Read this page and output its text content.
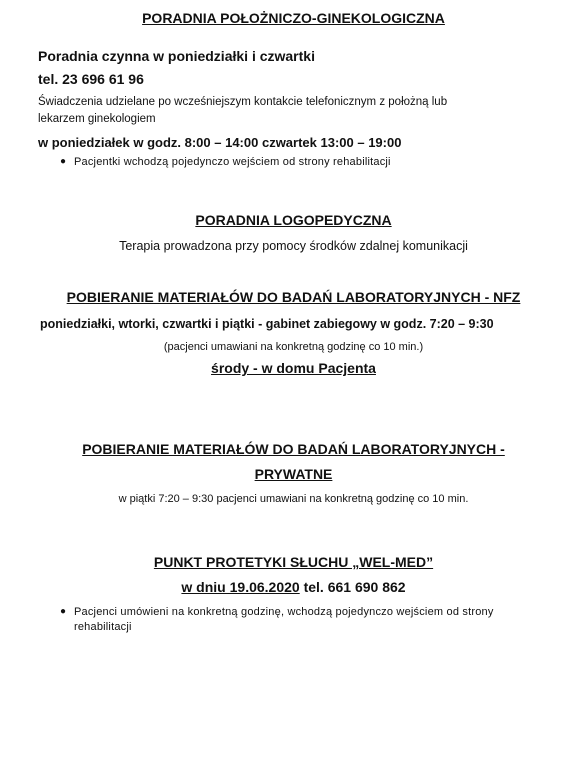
PORADNIA POŁOŻNICZO-GINEKOLOGICZNA
Poradnia czynna w poniedziałki i czwartki
tel. 23 696 61 96
Świadczenia udzielane po wcześniejszym kontakcie telefonicznym z położną lub
lekarzem ginekologiem
w poniedziałek w godz. 8:00 – 14:00 czwartek 13:00 – 19:00
● Pacjentki wchodzą pojedynczo wejściem od strony rehabilitacji
PORADNIA LOGOPEDYCZNA
Terapia prowadzona przy pomocy środków zdalnej komunikacji
POBIERANIE MATERIAŁÓW DO BADAŃ LABORATORYJNYCH - NFZ
poniedziałki, wtorki, czwartki i piątki - gabinet zabiegowy w godz. 7:20 – 9:30
(pacjenci umawiani na konkretną godzinę co 10 min.)
środy - w domu Pacjenta
POBIERANIE MATERIAŁÓW DO BADAŃ LABORATORYJNYCH -
PRYWATNE
w piątki 7:20 – 9:30 pacjenci umawiani na konkretną godzinę co 10 min.
PUNKT PROTETYKI SŁUCHU „WEL-MED”
w dniu 19.06.2020 tel. 661 690 862
● Pacjenci umówieni na konkretną godzinę, wchodzą pojedynczo wejściem od strony
rehabilitacji
